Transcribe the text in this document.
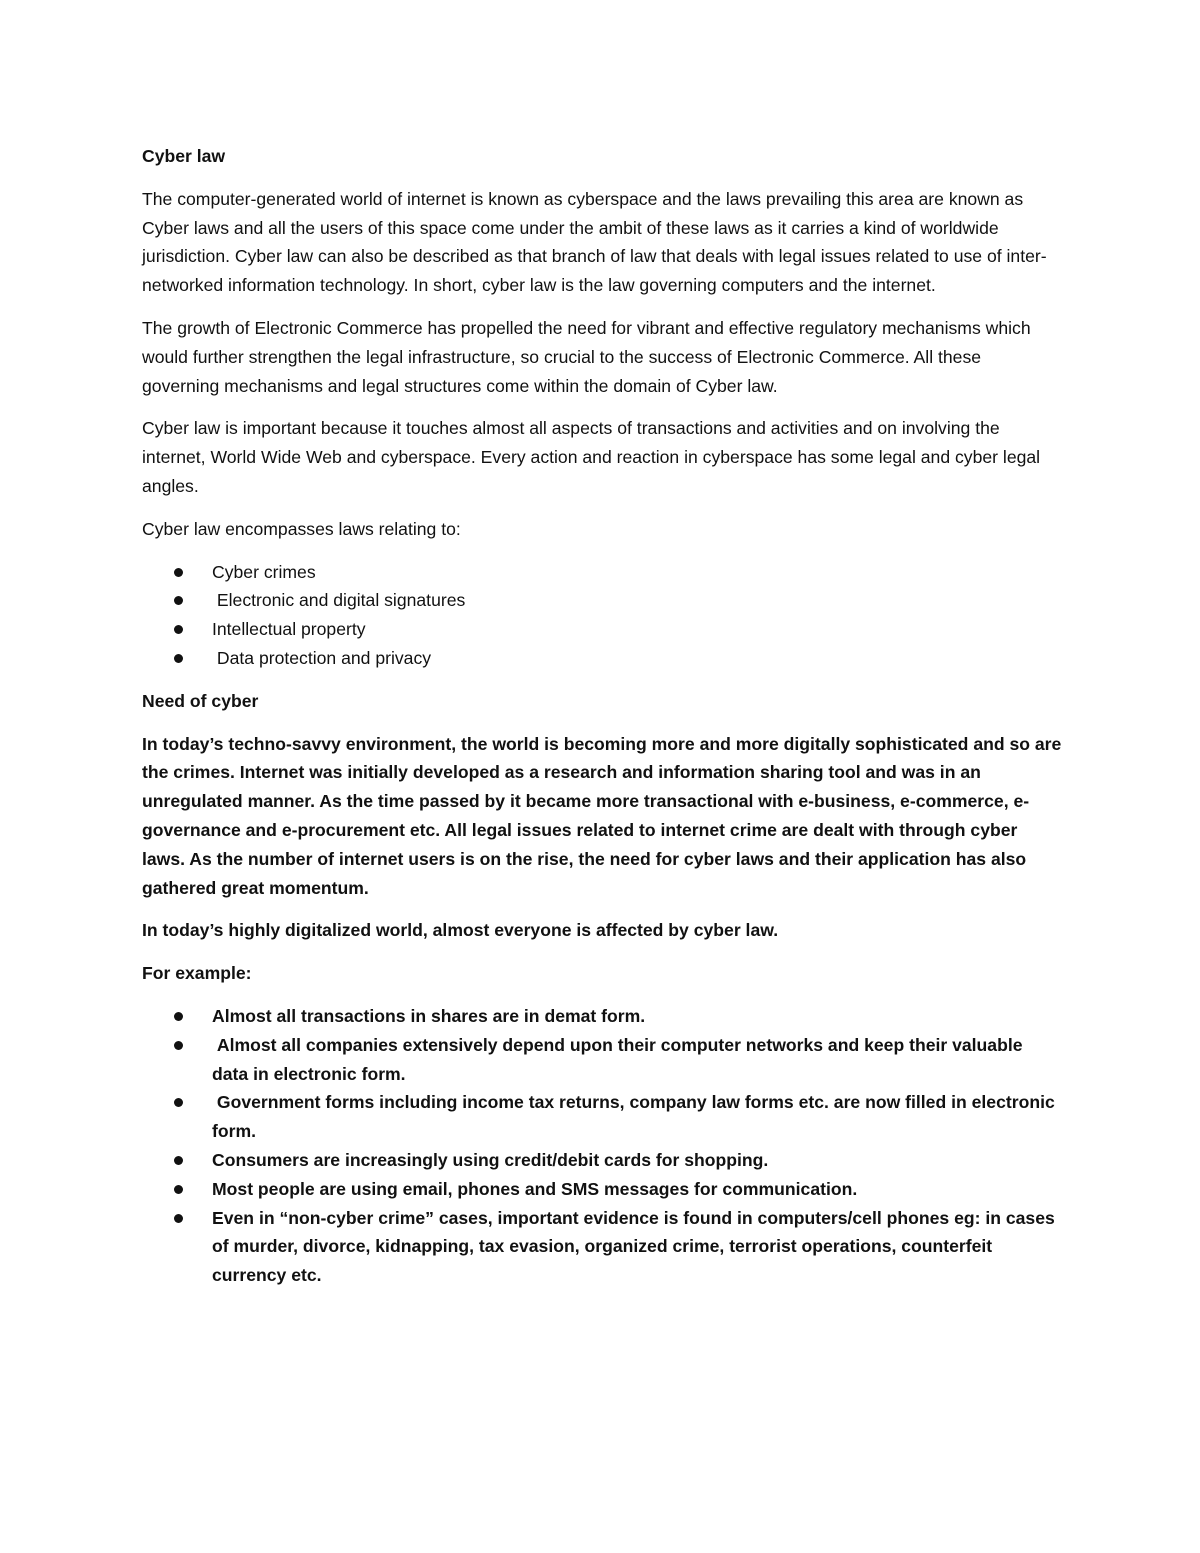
Cyber law

The computer-generated world of internet is known as cyberspace and the laws prevailing this area are known as Cyber laws and all the users of this space come under the ambit of these laws as it carries a kind of worldwide jurisdiction. Cyber law can also be described as that branch of law that deals with legal issues related to use of inter-networked information technology. In short, cyber law is the law governing computers and the internet.

The growth of Electronic Commerce has propelled the need for vibrant and effective regulatory mechanisms which would further strengthen the legal infrastructure, so crucial to the success of Electronic Commerce. All these governing mechanisms and legal structures come within the domain of Cyber law.

Cyber law is important because it touches almost all aspects of transactions and activities and on involving the internet, World Wide Web and cyberspace. Every action and reaction in cyberspace has some legal and cyber legal angles.

Cyber law encompasses laws relating to:

Cyber crimes
Electronic and digital signatures
Intellectual property
Data protection and privacy
Need of cyber

In today’s techno-savvy environment, the world is becoming more and more digitally sophisticated and so are the crimes. Internet was initially developed as a research and information sharing tool and was in an unregulated manner. As the time passed by it became more transactional with e-business, e-commerce, e-governance and e-procurement etc. All legal issues related to internet crime are dealt with through cyber laws. As the number of internet users is on the rise, the need for cyber laws and their application has also gathered great momentum.

In today’s highly digitalized world, almost everyone is affected by cyber law.

For example:

Almost all transactions in shares are in demat form.
Almost all companies extensively depend upon their computer networks and keep their valuable data in electronic form.
Government forms including income tax returns, company law forms etc. are now filled in electronic form.
Consumers are increasingly using credit/debit cards for shopping.
Most people are using email, phones and SMS messages for communication.
Even in “non-cyber crime” cases, important evidence is found in computers/cell phones eg: in cases of murder, divorce, kidnapping, tax evasion, organized crime, terrorist operations, counterfeit currency etc.
